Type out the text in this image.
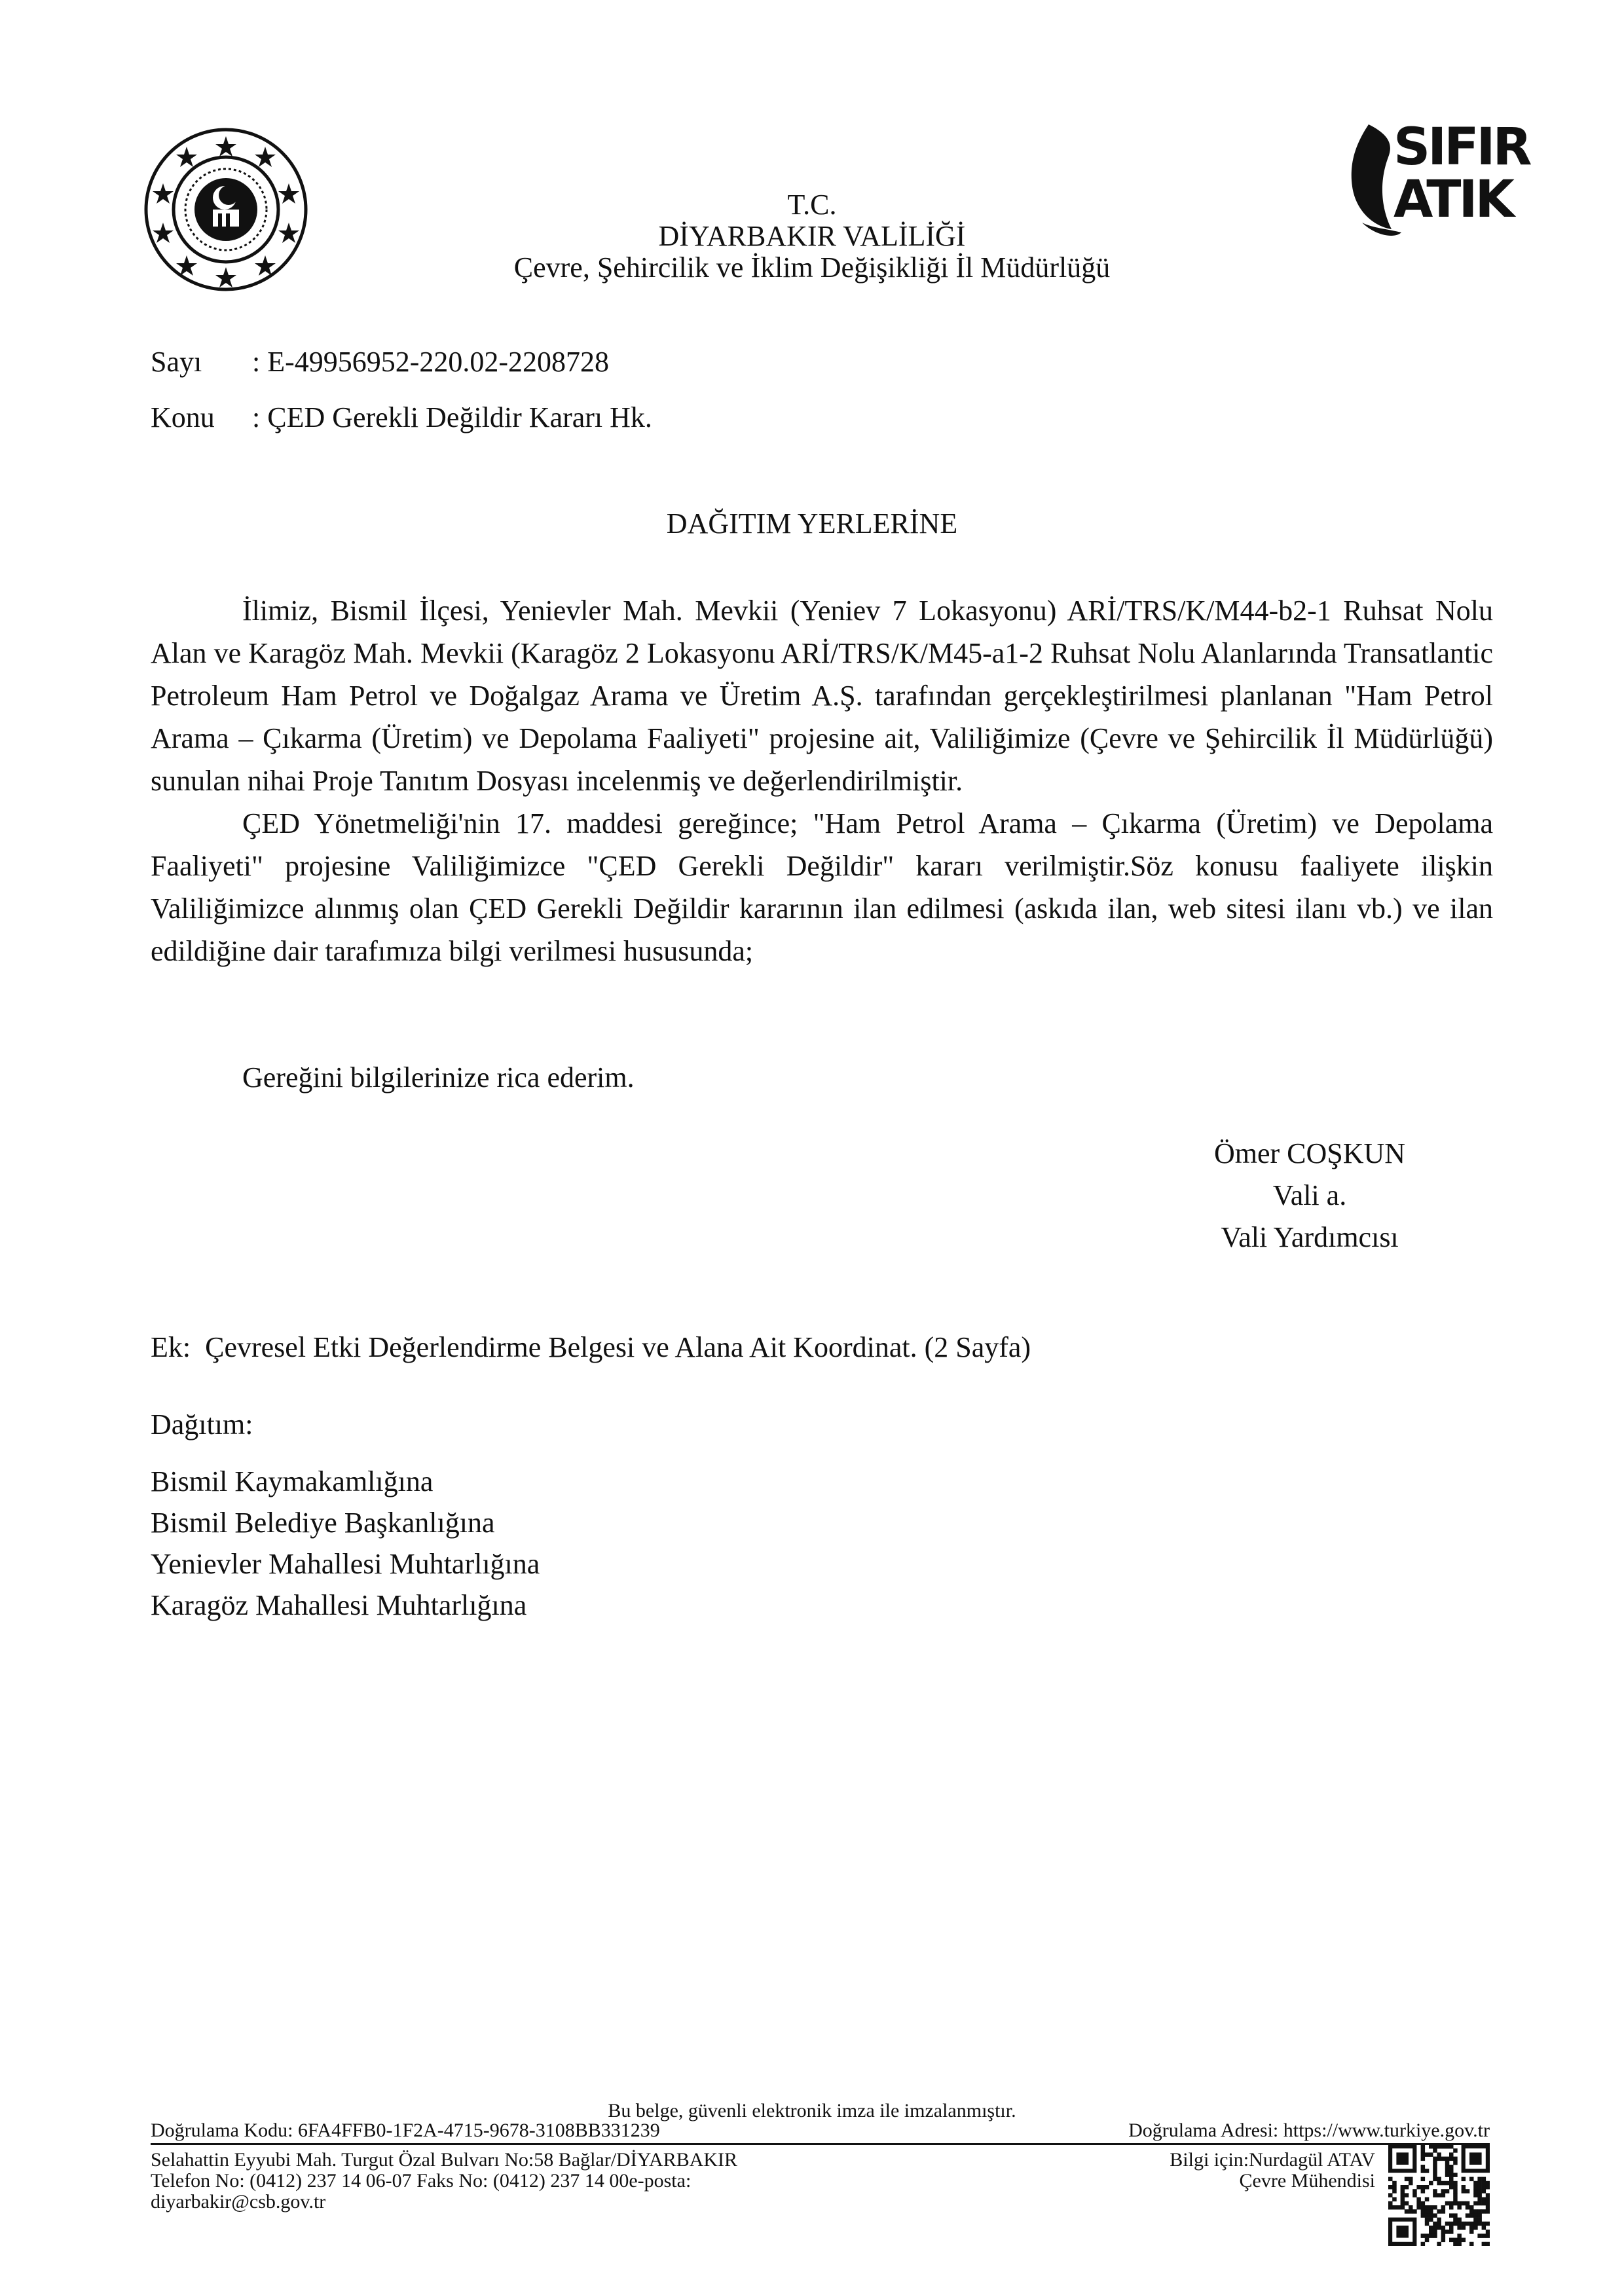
SIFIR
ATIK
T.C.
DİYARBAKIR VALİLİĞİ
Çevre, Şehircilik ve İklim Değişikliği İl Müdürlüğü
Sayı : E-49956952-220.02-2208728
Konu : ÇED Gerekli Değildir Kararı Hk.
DAĞITIM YERLERİNE

İlimiz, Bismil İlçesi, Yenievler Mah. Mevkii (Yeniev 7 Lokasyonu) ARİ/TRS/K/M44-b2-1 Ruhsat Nolu Alan ve Karagöz Mah. Mevkii (Karagöz 2 Lokasyonu ARİ/TRS/K/M45-a1-2 Ruhsat Nolu Alanlarında Transatlantic Petroleum Ham Petrol ve Doğalgaz Arama ve Üretim A.Ş. tarafından gerçekleştirilmesi planlanan "Ham Petrol Arama – Çıkarma (Üretim) ve Depolama Faaliyeti" projesine ait, Valiliğimize (Çevre ve Şehircilik İl Müdürlüğü) sunulan nihai Proje Tanıtım Dosyası incelenmiş ve değerlendirilmiştir.

ÇED Yönetmeliği'nin 17. maddesi gereğince; "Ham Petrol Arama – Çıkarma (Üretim) ve Depolama Faaliyeti" projesine Valiliğimizce "ÇED Gerekli Değildir" kararı verilmiştir.Söz konusu faaliyete ilişkin Valiliğimizce alınmış olan ÇED Gerekli Değildir kararının ilan edilmesi (askıda ilan, web sitesi ilanı vb.) ve ilan edildiğine dair tarafımıza bilgi verilmesi hususunda;

Gereğini bilgilerinize rica ederim.
Ömer COŞKUN
Vali a.
Vali Yardımcısı
Ek:  Çevresel Etki Değerlendirme Belgesi ve Alana Ait Koordinat. (2 Sayfa)
Dağıtım:
Bismil Kaymakamlığına
Bismil Belediye Başkanlığına
Yenievler Mahallesi Muhtarlığına
Karagöz Mahallesi Muhtarlığına
Bu belge, güvenli elektronik imza ile imzalanmıştır.
Doğrulama Kodu: 6FA4FFB0-1F2A-4715-9678-3108BB331239	Doğrulama Adresi: https://www.turkiye.gov.tr
Selahattin Eyyubi Mah. Turgut Özal Bulvarı No:58 Bağlar/DİYARBAKIR
Telefon No: (0412) 237 14 06-07 Faks No: (0412) 237 14 00e-posta:
diyarbakir@csb.gov.tr
Bilgi için:Nurdagül ATAV
Çevre Mühendisi
